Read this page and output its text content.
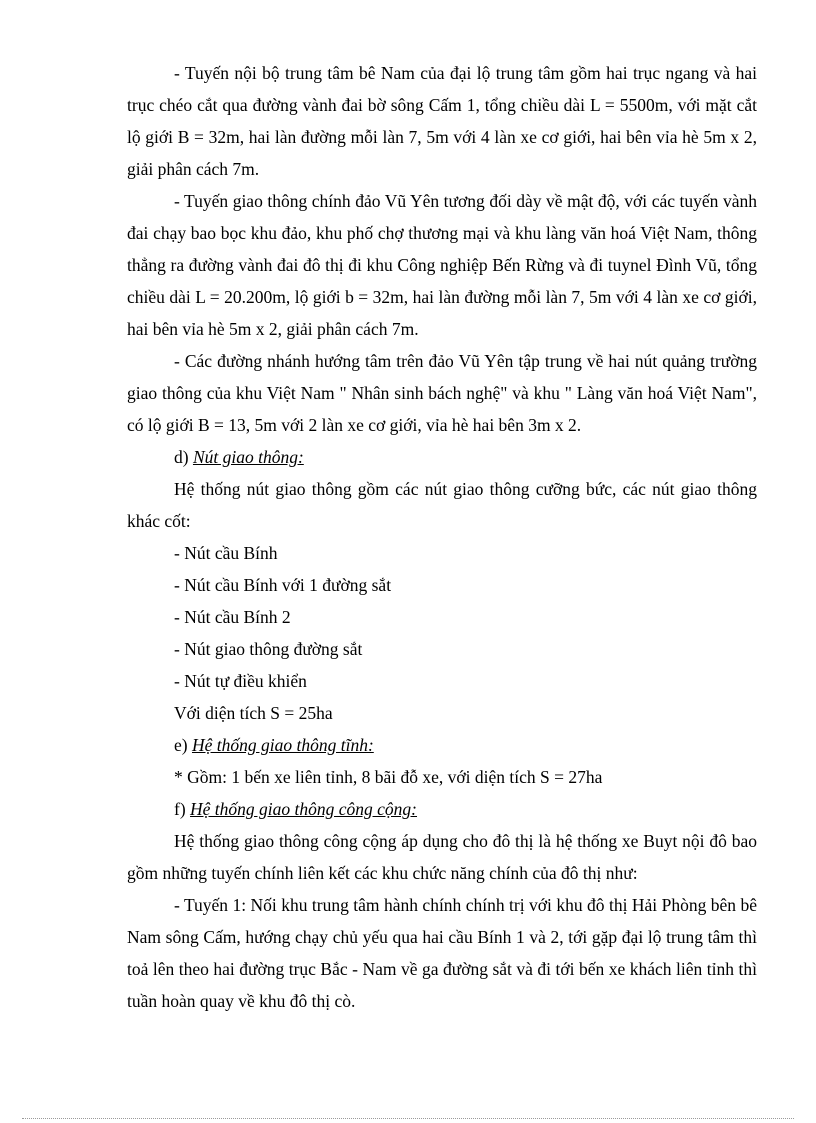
- Tuyến nội bộ trung tâm bê Nam của đại lộ trung tâm gồm hai trục ngang và hai trục chéo cắt qua đường vành đai bờ sông Cấm 1, tổng chiều dài L = 5500m, với mặt cắt lộ giới B = 32m, hai làn đường mỗi làn 7, 5m với 4 làn xe cơ giới, hai bên vỉa hè 5m x 2, giải phân cách 7m.

- Tuyến giao thông chính đảo Vũ Yên tương đối dày về mật độ, với các tuyến vành đai chạy bao bọc khu đảo, khu phố chợ thương mại và khu làng văn hoá Việt Nam, thông thẳng ra đường vành đai đô thị đi khu Công nghiệp Bến Rừng và đi tuynel Đình Vũ, tổng chiều dài L = 20.200m, lộ giới b = 32m, hai làn đường mỗi làn 7, 5m với 4 làn xe cơ giới, hai bên vỉa hè 5m x 2, giải phân cách 7m.

- Các đường nhánh hướng tâm trên đảo Vũ Yên tập trung về hai nút quảng trường giao thông của khu Việt Nam " Nhân sinh bách nghệ" và khu " Làng văn hoá Việt Nam", có lộ giới B = 13, 5m với 2 làn xe cơ giới, vỉa hè hai bên 3m x 2.

d) Nút giao thông:

Hệ thống nút giao thông gồm các nút giao thông cưỡng bức, các nút giao thông khác cốt:

- Nút cầu Bính

- Nút cầu Bính với 1 đường sắt

- Nút cầu Bính 2

- Nút giao thông đường sắt

- Nút tự điều khiển

Với diện tích S = 25ha

e) Hệ thống giao thông tĩnh:

* Gồm: 1 bến xe liên tỉnh, 8 bãi đỗ xe, với diện tích S = 27ha

f) Hệ thống giao thông công cộng:

Hệ thống giao thông công cộng áp dụng cho đô thị là hệ thống xe Buyt nội đô bao gồm những tuyến chính liên kết các khu chức năng chính của đô thị như:

- Tuyến 1: Nối khu trung tâm hành chính chính trị với khu đô thị Hải Phòng bên bê Nam sông Cấm, hướng chạy chủ yếu qua hai cầu Bính 1 và 2, tới gặp đại lộ trung tâm thì toả lên theo hai đường trục Bắc - Nam về ga đường sắt và đi tới bến xe khách liên tỉnh thì tuần hoàn quay về khu đô thị cò.
